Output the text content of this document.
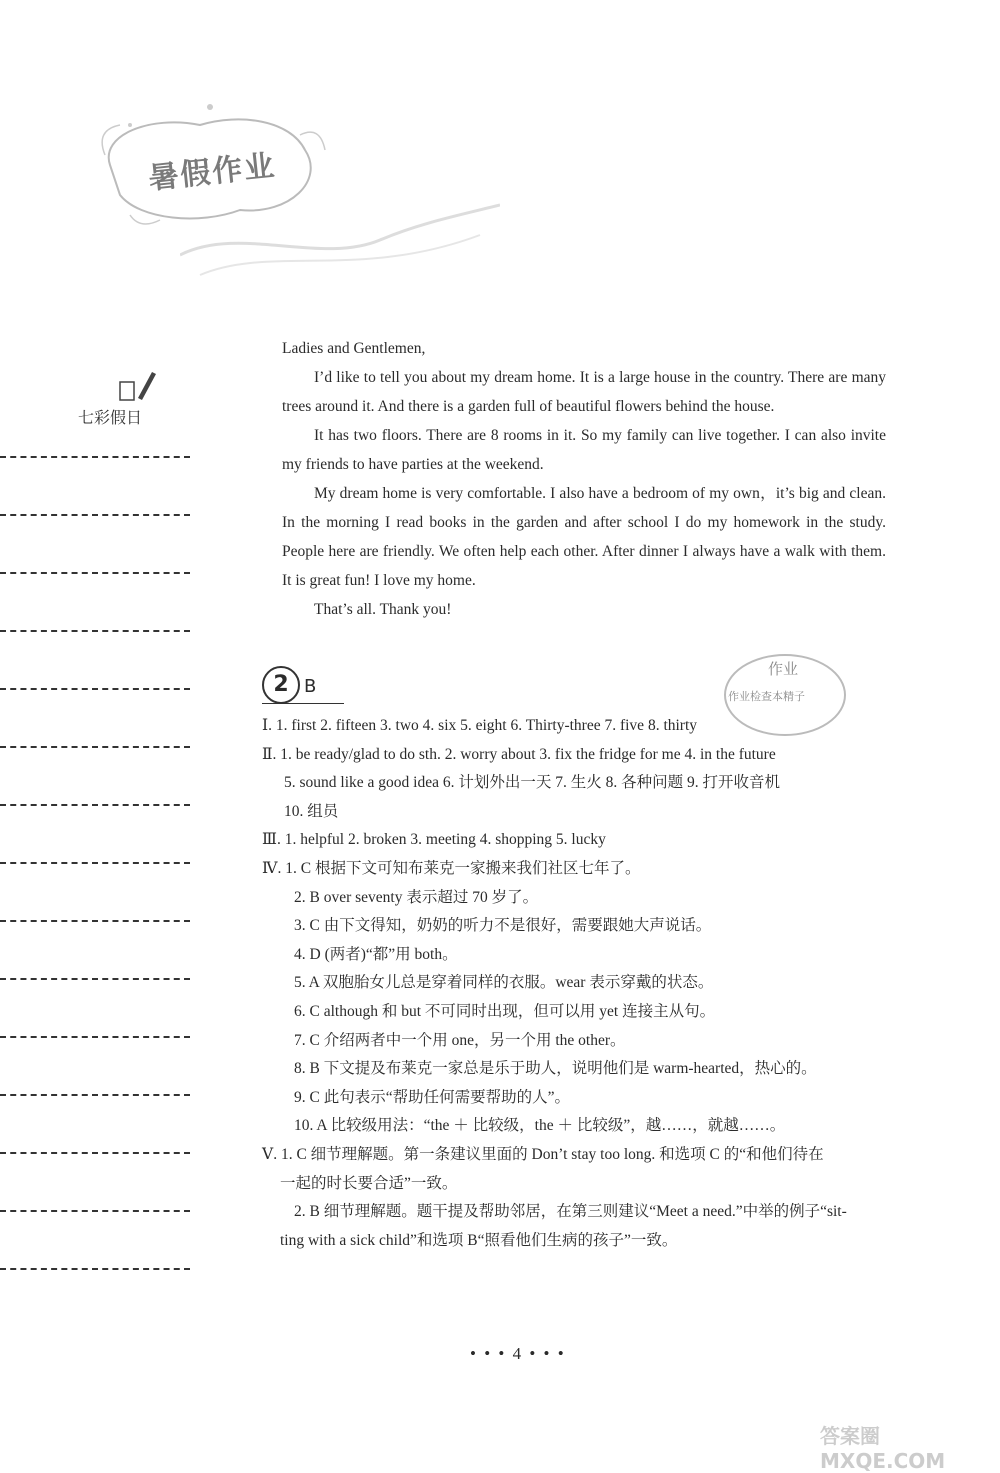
暑假作业
七彩假日

Ladies and Gentlemen,

I’d like to tell you about my dream home. It is a large house in the country. There are many trees around it. And there is a garden full of beautiful flowers behind the house.

It has two floors. There are 8 rooms in it. So my family can live together. I can also invite my friends to have parties at the weekend.

My dream home is very comfortable. I also have a bedroom of my own，it’s big and clean. In the morning I read books in the garden and after school I do my homework in the study. People here are friendly. We often help each other. After dinner I always have a walk with them. It is great fun! I love my home.

That’s all. Thank you!

2 B
作业
作业检查本精子
Ⅰ. 1. first 2. fifteen 3. two 4. six 5. eight 6. Thirty-three 7. five 8. thirty
Ⅱ. 1. be ready/glad to do sth. 2. worry about 3. fix the fridge for me 4. in the future
5. sound like a good idea 6. 计划外出一天 7. 生火 8. 各种问题 9. 打开收音机
10. 组员
Ⅲ. 1. helpful 2. broken 3. meeting 4. shopping 5. lucky
Ⅳ. 1. C 根据下文可知布莱克一家搬来我们社区七年了。
2. B over seventy 表示超过 70 岁了。
3. C 由下文得知，奶奶的听力不是很好，需要跟她大声说话。
4. D (两者)“都”用 both。
5. A 双胞胎女儿总是穿着同样的衣服。wear 表示穿戴的状态。
6. C although 和 but 不可同时出现，但可以用 yet 连接主从句。
7. C 介绍两者中一个用 one，另一个用 the other。
8. B 下文提及布莱克一家总是乐于助人，说明他们是 warm-hearted，热心的。
9. C 此句表示“帮助任何需要帮助的人”。
10. A 比较级用法：“the ＋ 比较级，the ＋ 比较级”，越……，就越……。
Ⅴ. 1. C 细节理解题。第一条建议里面的 Don’t stay too long. 和选项 C 的“和他们待在
一起的时长要合适”一致。
2. B 细节理解题。题干提及帮助邻居，在第三则建议“Meet a need.”中举的例子“sit-
ting with a sick child”和选项 B“照看他们生病的孩子”一致。
• • • 4 • • •
答案圈 MXQE.COM
